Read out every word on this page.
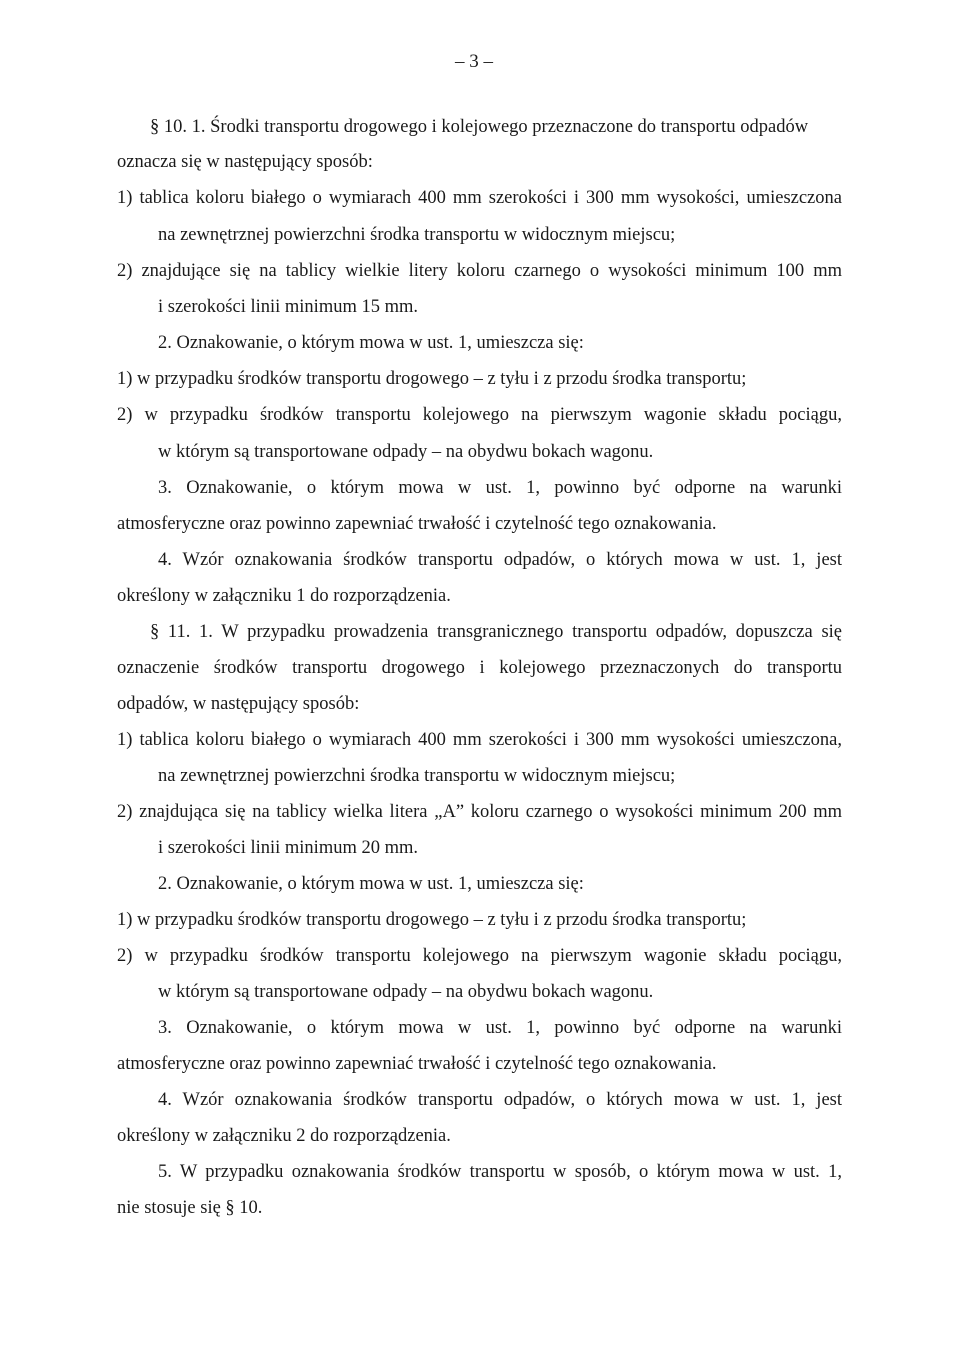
– 3 –
§ 10. 1. Środki transportu drogowego i kolejowego przeznaczone do transportu odpadów
oznacza się w następujący sposób:
1) tablica koloru białego o wymiarach 400 mm szerokości i 300 mm wysokości, umieszczona
na zewnętrznej powierzchni środka transportu w widocznym miejscu;
2) znajdujące się na tablicy wielkie litery koloru czarnego o wysokości minimum 100 mm
i szerokości linii minimum 15 mm.
2. Oznakowanie, o którym mowa w ust. 1, umieszcza się:
1) w przypadku środków transportu drogowego – z tyłu i z przodu środka transportu;
2) w przypadku środków transportu kolejowego na pierwszym wagonie składu pociągu,
w którym są transportowane odpady – na obydwu bokach wagonu.
3. Oznakowanie, o którym mowa w ust. 1, powinno być odporne na warunki
atmosferyczne oraz powinno zapewniać trwałość i czytelność tego oznakowania.
4. Wzór oznakowania środków transportu odpadów, o których mowa w ust. 1, jest
określony w załączniku 1 do rozporządzenia.
§ 11. 1. W przypadku prowadzenia transgranicznego transportu odpadów, dopuszcza się
oznaczenie środków transportu drogowego i kolejowego przeznaczonych do transportu
odpadów, w następujący sposób:
1) tablica koloru białego o wymiarach 400 mm szerokości i 300 mm wysokości umieszczona,
na zewnętrznej powierzchni środka transportu w widocznym miejscu;
2) znajdująca się na tablicy wielka litera „A” koloru czarnego o wysokości minimum 200 mm
i szerokości linii minimum 20 mm.
2. Oznakowanie, o którym mowa w ust. 1, umieszcza się:
1) w przypadku środków transportu drogowego – z tyłu i z przodu środka transportu;
2) w przypadku środków transportu kolejowego na pierwszym wagonie składu pociągu,
w którym są transportowane odpady – na obydwu bokach wagonu.
3. Oznakowanie, o którym mowa w ust. 1, powinno być odporne na warunki
atmosferyczne oraz powinno zapewniać trwałość i czytelność tego oznakowania.
4. Wzór oznakowania środków transportu odpadów, o których mowa w ust. 1, jest
określony w załączniku 2 do rozporządzenia.
5. W przypadku oznakowania środków transportu w sposób, o którym mowa w ust. 1,
nie stosuje się § 10.
